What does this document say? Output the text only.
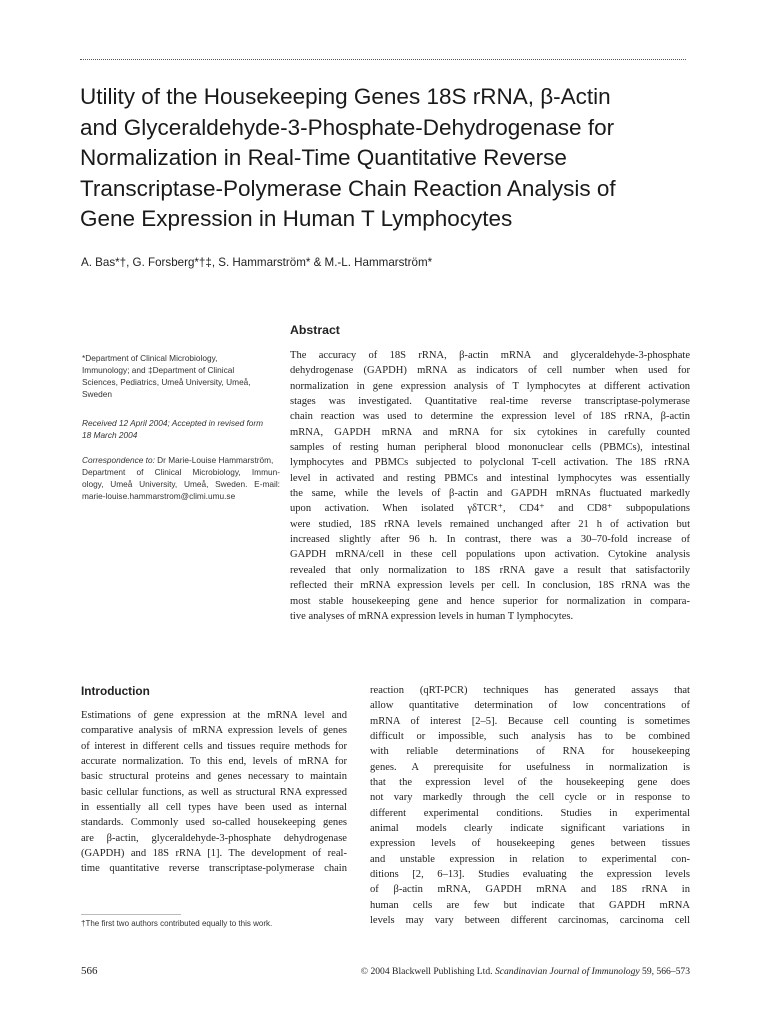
Utility of the Housekeeping Genes 18S rRNA, β-Actin
and Glyceraldehyde-3-Phosphate-Dehydrogenase for
Normalization in Real-Time Quantitative Reverse
Transcriptase-Polymerase Chain Reaction Analysis of
Gene Expression in Human T Lymphocytes
A. Bas*†, G. Forsberg*†‡, S. Hammarström* & M.-L. Hammarström*
Abstract
The accuracy of 18S rRNA, β-actin mRNA and glyceraldehyde-3-phosphate
dehydrogenase (GAPDH) mRNA as indicators of cell number when used for
normalization in gene expression analysis of T lymphocytes at different activation
stages was investigated. Quantitative real-time reverse transcriptase-polymerase
chain reaction was used to determine the expression level of 18S rRNA, β-actin
mRNA, GAPDH mRNA and mRNA for six cytokines in carefully counted
samples of resting human peripheral blood mononuclear cells (PBMCs), intestinal
lymphocytes and PBMCs subjected to polyclonal T-cell activation. The 18S rRNA
level in activated and resting PBMCs and intestinal lymphocytes was essentially
the same, while the levels of β-actin and GAPDH mRNAs fluctuated markedly
upon activation. When isolated γδTCR⁺, CD4⁺ and CD8⁺ subpopulations
were studied, 18S rRNA levels remained unchanged after 21 h of activation but
increased slightly after 96 h. In contrast, there was a 30–70-fold increase of
GAPDH mRNA/cell in these cell populations upon activation. Cytokine analysis
revealed that only normalization to 18S rRNA gave a result that satisfactorily
reflected their mRNA expression levels per cell. In conclusion, 18S rRNA was the
most stable housekeeping gene and hence superior for normalization in compara-
tive analyses of mRNA expression levels in human T lymphocytes.
*Department of Clinical Microbiology,
Immunology; and ‡Department of Clinical
Sciences, Pediatrics, Umeå University, Umeå,
Sweden
Received 12 April 2004; Accepted in revised form
18 March 2004
Correspondence to: Dr Marie-Louise Hammarström,
Department of Clinical Microbiology, Immun-
ology, Umeå University, Umeå, Sweden. E-mail:
marie-louise.hammarstrom@climi.umu.se
Introduction
Estimations of gene expression at the mRNA level and
comparative analysis of mRNA expression levels of genes
of interest in different cells and tissues require methods for
accurate normalization. To this end, levels of mRNA for
basic structural proteins and genes necessary to maintain
basic cellular functions, as well as structural RNA expressed
in essentially all cell types have been used as internal
standards. Commonly used so-called housekeeping genes
are β-actin, glyceraldehyde-3-phosphate dehydrogenase
(GAPDH) and 18S rRNA [1]. The development of real-
time quantitative reverse transcriptase-polymerase chain
reaction (qRT-PCR) techniques has generated assays that
allow quantitative determination of low concentrations of
mRNA of interest [2–5]. Because cell counting is sometimes
difficult or impossible, such analysis has to be combined
with reliable determinations of RNA for housekeeping
genes. A prerequisite for usefulness in normalization is
that the expression level of the housekeeping gene does
not vary markedly through the cell cycle or in response to
different experimental conditions. Studies in experimental
animal models clearly indicate significant variations in
expression levels of housekeeping genes between tissues
and unstable expression in relation to experimental con-
ditions [2, 6–13]. Studies evaluating the expression levels
of β-actin mRNA, GAPDH mRNA and 18S rRNA in
human cells are few but indicate that GAPDH mRNA
levels may vary between different carcinomas, carcinoma cell
†The first two authors contributed equally to this work.
566	© 2004 Blackwell Publishing Ltd. Scandinavian Journal of Immunology 59, 566–573
